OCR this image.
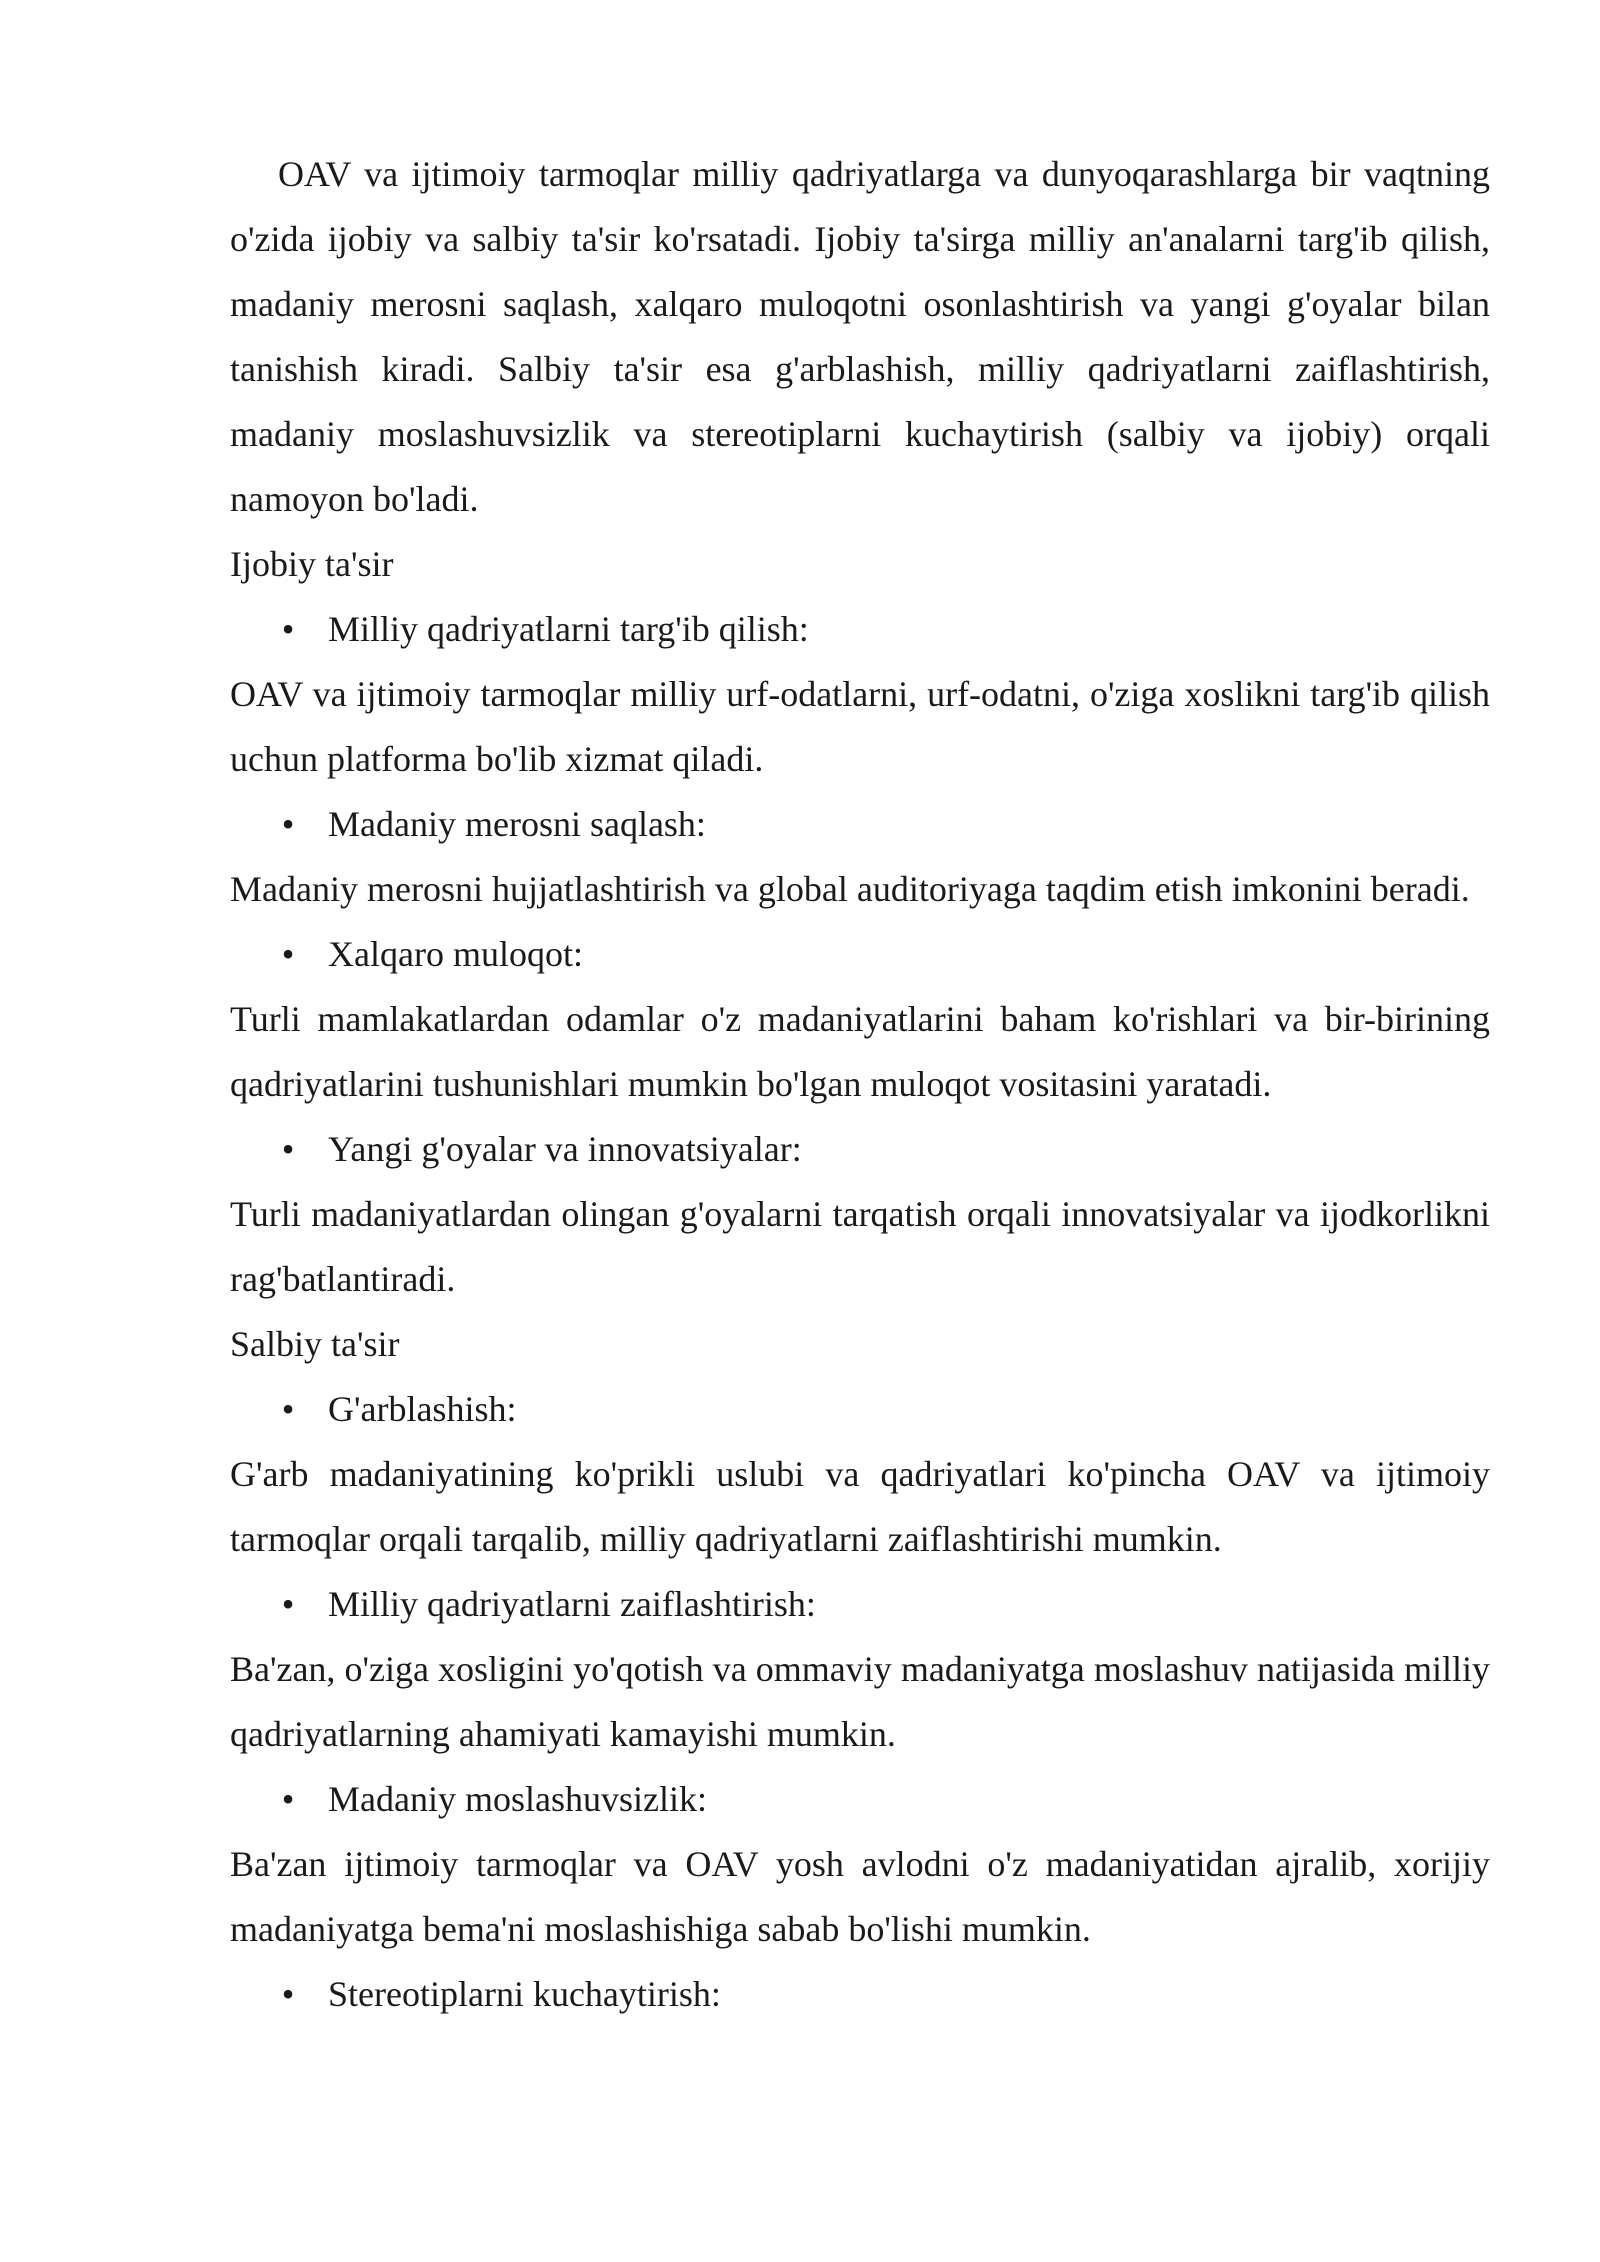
OAV va ijtimoiy tarmoqlar milliy qadriyatlarga va dunyoqarashlarga bir vaqtning o'zida ijobiy va salbiy ta'sir ko'rsatadi. Ijobiy ta'sirga milliy an'analarni targ'ib qilish, madaniy merosni saqlash, xalqaro muloqotni osonlashtirish va yangi g'oyalar bilan tanishish kiradi. Salbiy ta'sir esa g'arblashish, milliy qadriyatlarni zaiflashtirish, madaniy moslashuvsizlik va stereotiplarni kuchaytirish (salbiy va ijobiy) orqali namoyon bo'ladi.

Ijobiy ta'sir

• Milliy qadriyatlarni targ'ib qilish:

OAV va ijtimoiy tarmoqlar milliy urf-odatlarni, urf-odatni, o'ziga xoslikni targ'ib qilish uchun platforma bo'lib xizmat qiladi.

• Madaniy merosni saqlash:

Madaniy merosni hujjatlashtirish va global auditoriyaga taqdim etish imkonini beradi.

• Xalqaro muloqot:

Turli mamlakatlardan odamlar o'z madaniyatlarini baham ko'rishlari va bir-birining qadriyatlarini tushunishlari mumkin bo'lgan muloqot vositasini yaratadi.

• Yangi g'oyalar va innovatsiyalar:

Turli madaniyatlardan olingan g'oyalarni tarqatish orqali innovatsiyalar va ijodkorlikni rag'batlantiradi.

Salbiy ta'sir

• G'arblashish:

G'arb madaniyatining ko'prikli uslubi va qadriyatlari ko'pincha OAV va ijtimoiy tarmoqlar orqali tarqalib, milliy qadriyatlarni zaiflashtirishi mumkin.

• Milliy qadriyatlarni zaiflashtirish:

Ba'zan, o'ziga xosligini yo'qotish va ommaviy madaniyatga moslashuv natijasida milliy qadriyatlarning ahamiyati kamayishi mumkin.

• Madaniy moslashuvsizlik:

Ba'zan ijtimoiy tarmoqlar va OAV yosh avlodni o'z madaniyatidan ajralib, xorijiy madaniyatga bema'ni moslashishiga sabab bo'lishi mumkin.

• Stereotiplarni kuchaytirish:
